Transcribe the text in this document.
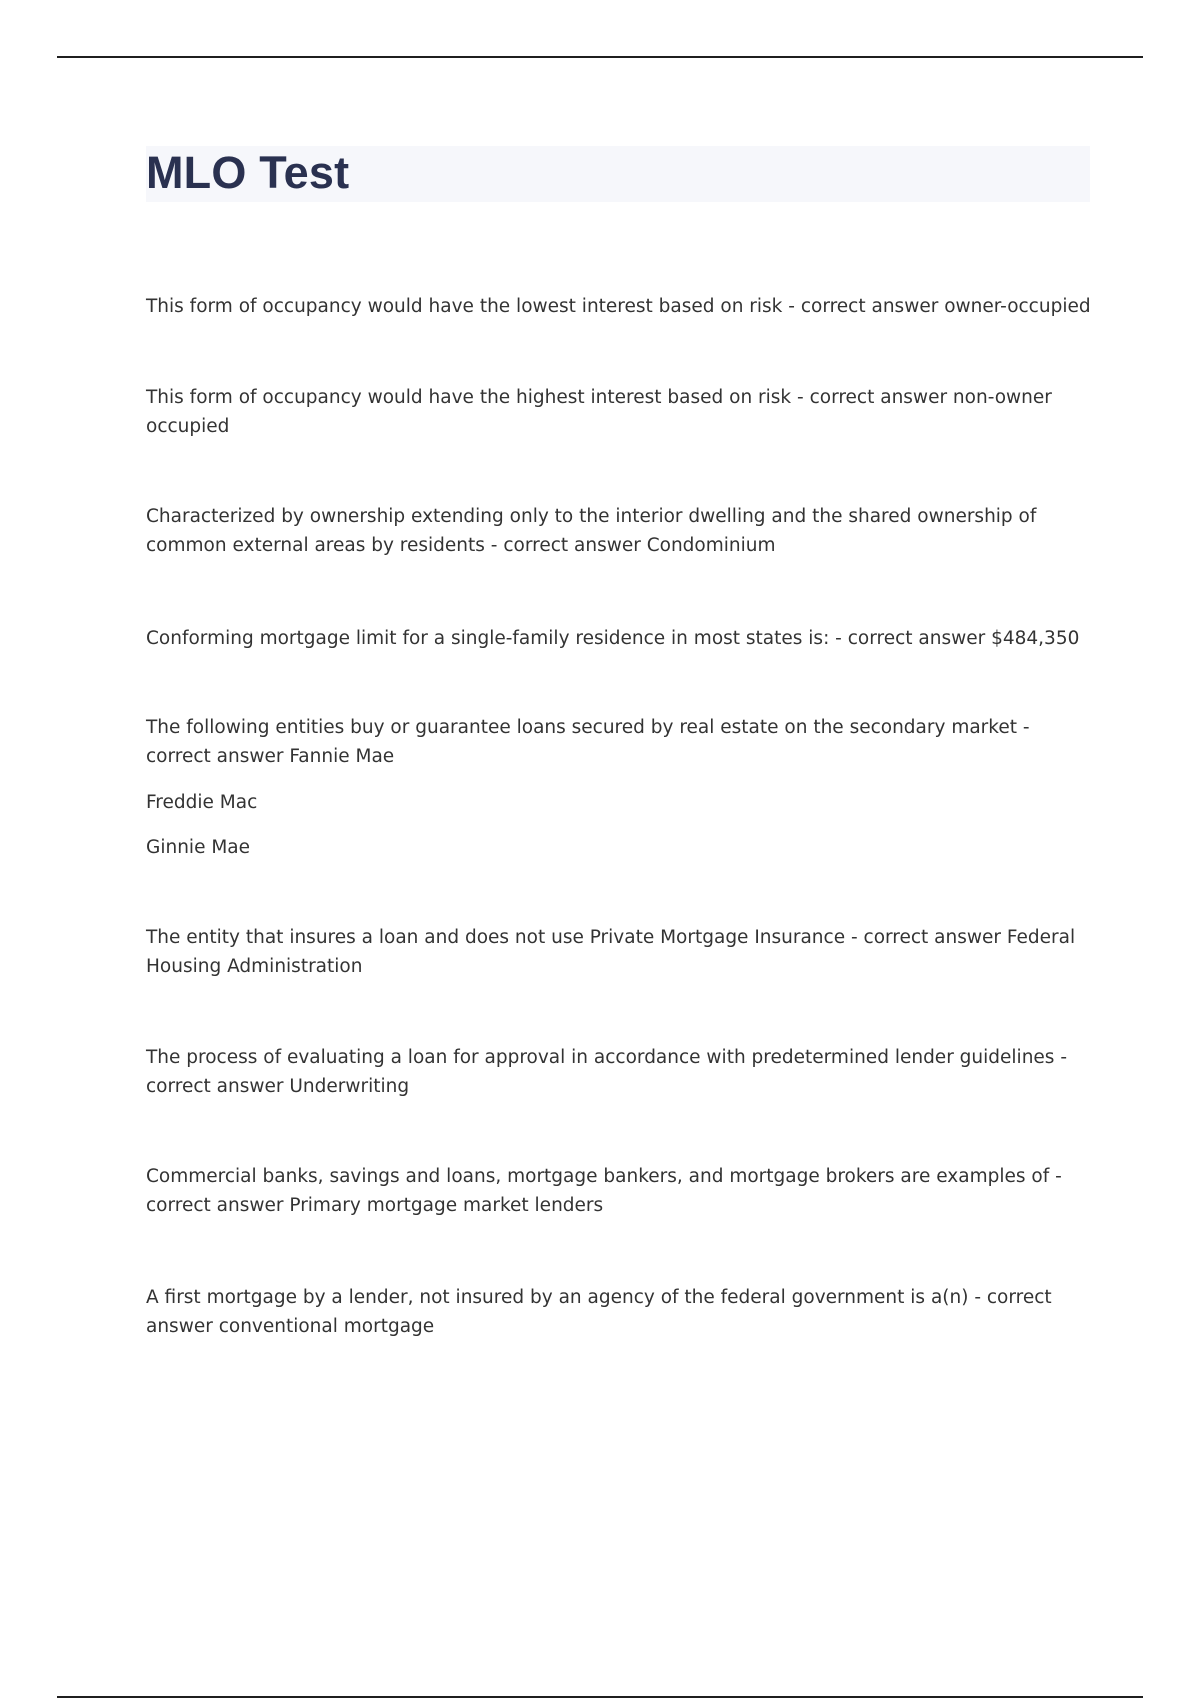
MLO Test

This form of occupancy would have the lowest interest based on risk - correct answer owner-occupied

This form of occupancy would have the highest interest based on risk - correct answer non-owner occupied

Characterized by ownership extending only to the interior dwelling and the shared ownership of common external areas by residents - correct answer Condominium

Conforming mortgage limit for a single-family residence in most states is: - correct answer $484,350

The following entities buy or guarantee loans secured by real estate on the secondary market - correct answer Fannie Mae

Freddie Mac

Ginnie Mae

The entity that insures a loan and does not use Private Mortgage Insurance - correct answer Federal Housing Administration

The process of evaluating a loan for approval in accordance with predetermined lender guidelines - correct answer Underwriting

Commercial banks, savings and loans, mortgage bankers, and mortgage brokers are examples of - correct answer Primary mortgage market lenders

A first mortgage by a lender, not insured by an agency of the federal government is a(n) - correct answer conventional mortgage
